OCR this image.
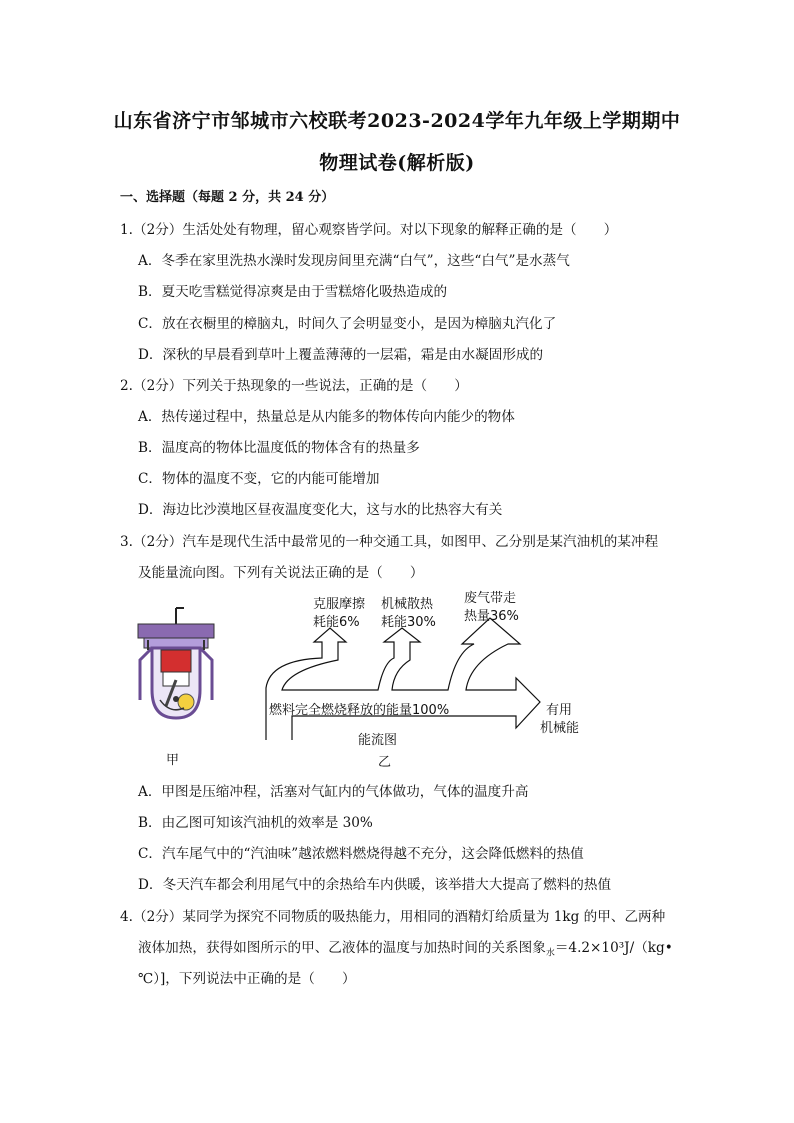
山东省济宁市邹城市六校联考2023-2024学年九年级上学期期中
物理试卷(解析版)
一、选择题（每题 2 分，共 24 分）
1.（2分）生活处处有物理，留心观察皆学问。对以下现象的解释正确的是（　　）
A．冬季在家里洗热水澡时发现房间里充满“白气”，这些“白气”是水蒸气
B．夏天吃雪糕觉得凉爽是由于雪糕熔化吸热造成的
C．放在衣橱里的樟脑丸，时间久了会明显变小，是因为樟脑丸汽化了
D．深秋的早晨看到草叶上覆盖薄薄的一层霜，霜是由水凝固形成的
2.（2分）下列关于热现象的一些说法，正确的是（　　）
A．热传递过程中，热量总是从内能多的物体传向内能少的物体
B．温度高的物体比温度低的物体含有的热量多
C．物体的温度不变，它的内能可能增加
D．海边比沙漠地区昼夜温度变化大，这与水的比热容大有关
3.（2分）汽车是现代生活中最常见的一种交通工具，如图甲、乙分别是某汽油机的某冲程
及能量流向图。下列有关说法正确的是（　　）
燃料完全燃烧释放的能量100%
克服摩擦
耗能6%
机械散热
耗能30%
废气带走
热量36%
有用
机械能
能流图
甲	乙
A．甲图是压缩冲程，活塞对气缸内的气体做功，气体的温度升高
B．由乙图可知该汽油机的效率是 30%
C．汽车尾气中的“汽油味”越浓燃料燃烧得越不充分，这会降低燃料的热值
D．冬天汽车都会利用尾气中的余热给车内供暖，该举措大大提高了燃料的热值
4.（2分）某同学为探究不同物质的吸热能力，用相同的酒精灯给质量为 1kg 的甲、乙两种
液体加热，获得如图所示的甲、乙液体的温度与加热时间的关系图象$_水$＝4.2×10³J/（kg•
℃）]，下列说法中正确的是（　　）
